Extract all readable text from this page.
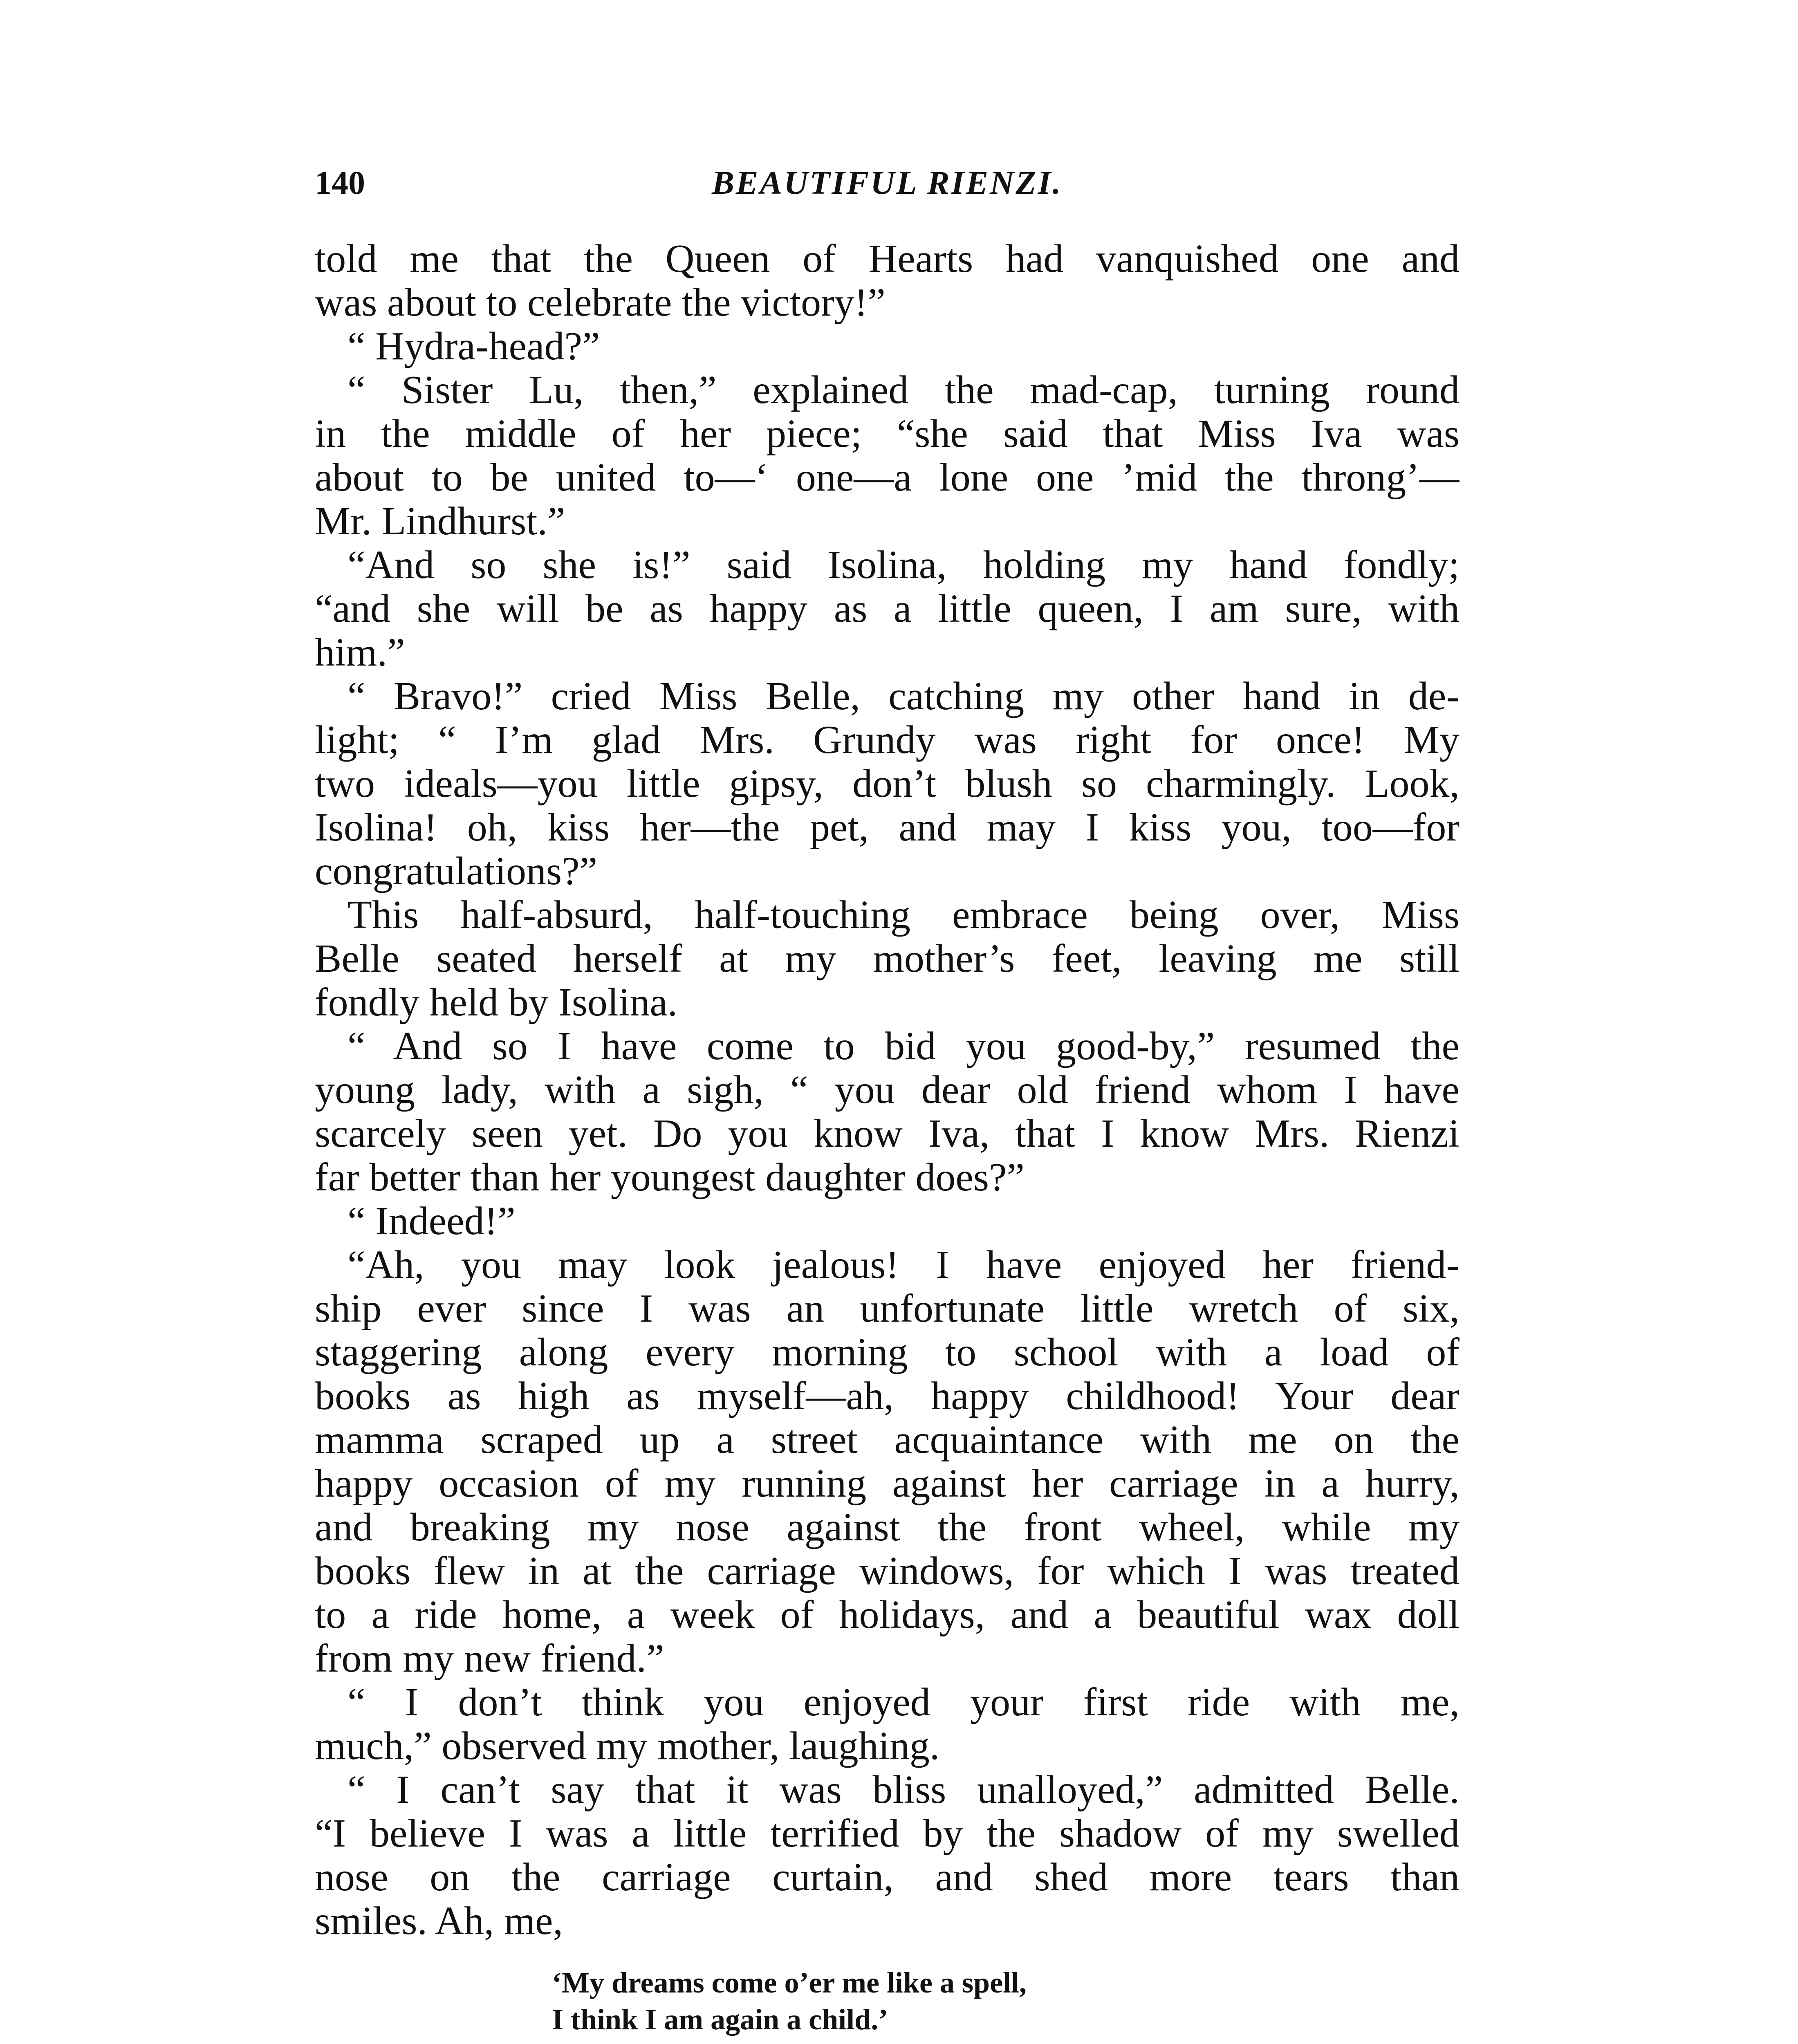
140	BEAUTIFUL RIENZI.
told me that the Queen of Hearts had vanquished one and
was about to celebrate the victory!”
“ Hydra-head?”
“ Sister Lu, then,” explained the mad-cap, turning round
in the middle of her piece; “she said that Miss Iva was
about to be united to—‘ one—a lone one ’mid the throng’—
Mr. Lindhurst.”
“And so she is!” said Isolina, holding my hand fondly;
“and she will be as happy as a little queen, I am sure, with
him.”
“ Bravo!” cried Miss Belle, catching my other hand in de-
light; “ I’m glad Mrs. Grundy was right for once! My
two ideals—you little gipsy, don’t blush so charmingly. Look,
Isolina! oh, kiss her—the pet, and may I kiss you, too—for
congratulations?”
This half-absurd, half-touching embrace being over, Miss
Belle seated herself at my mother’s feet, leaving me still
fondly held by Isolina.
“ And so I have come to bid you good-by,” resumed the
young lady, with a sigh, “ you dear old friend whom I have
scarcely seen yet. Do you know Iva, that I know Mrs. Rienzi
far better than her youngest daughter does?”
“ Indeed!”
“Ah, you may look jealous! I have enjoyed her friend-
ship ever since I was an unfortunate little wretch of six,
staggering along every morning to school with a load of
books as high as myself—ah, happy childhood! Your dear
mamma scraped up a street acquaintance with me on the
happy occasion of my running against her carriage in a hurry,
and breaking my nose against the front wheel, while my
books flew in at the carriage windows, for which I was treated
to a ride home, a week of holidays, and a beautiful wax doll
from my new friend.”
“ I don’t think you enjoyed your first ride with me,
much,” observed my mother, laughing.
“ I can’t say that it was bliss unalloyed,” admitted Belle.
“I believe I was a little terrified by the shadow of my swelled
nose on the carriage curtain, and shed more tears than
smiles. Ah, me,
‘My dreams come o’er me like a spell,
I think I am again a child.’
